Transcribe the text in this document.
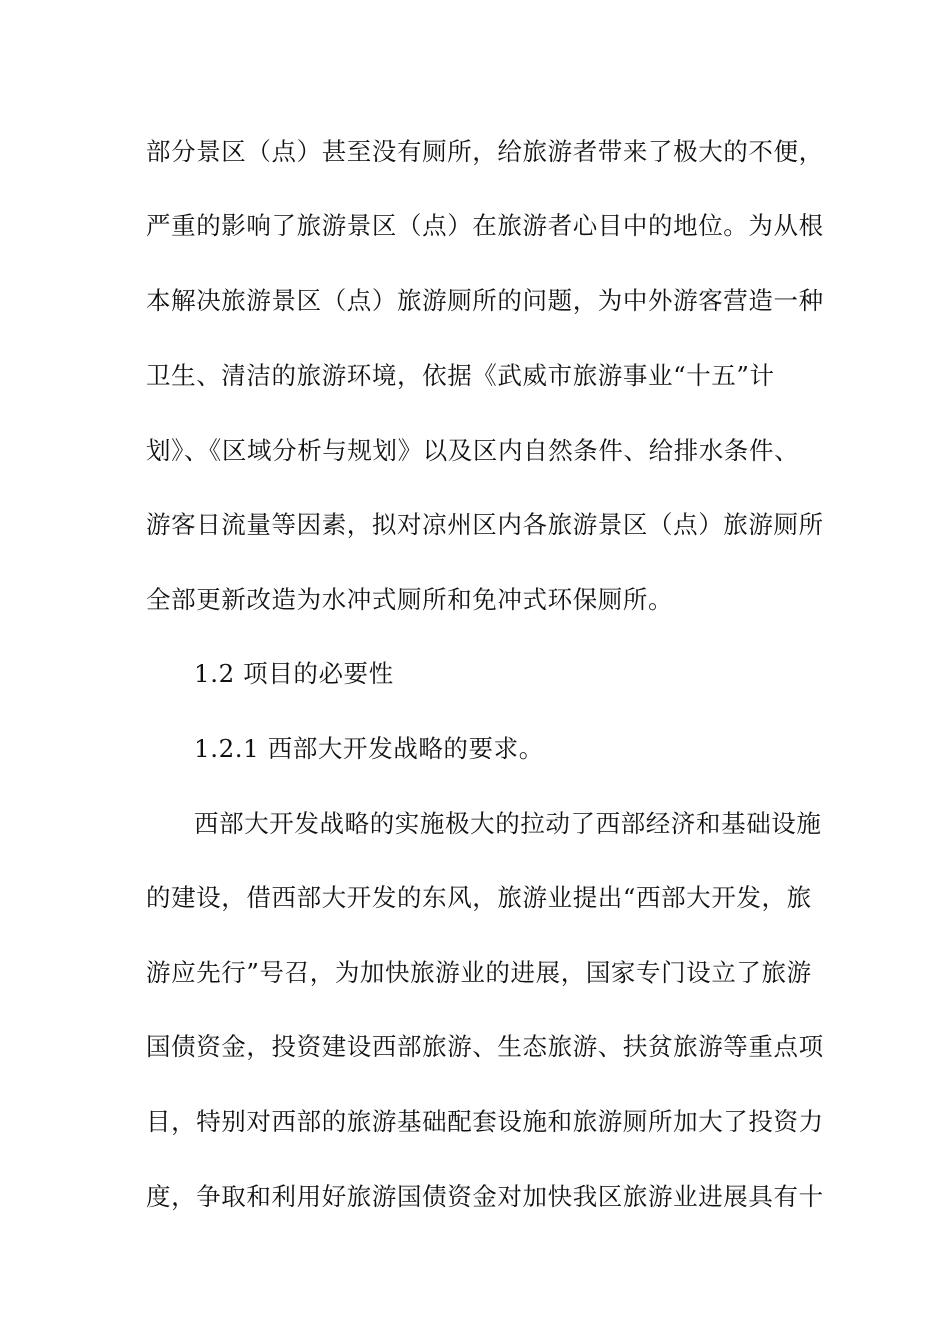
部分景区（点）甚至没有厕所，给旅游者带来了极大的不便，
严重的影响了旅游景区（点）在旅游者心目中的地位。为从根
本解决旅游景区（点）旅游厕所的问题，为中外游客营造一种
卫生、清洁的旅游环境，依据《武威市旅游事业“十五”计
划》、《区域分析与规划》以及区内自然条件、给排水条件、
游客日流量等因素，拟对凉州区内各旅游景区（点）旅游厕所
全部更新改造为水冲式厕所和免冲式环保厕所。
1.2 项目的必要性
1.2.1 西部大开发战略的要求。
西部大开发战略的实施极大的拉动了西部经济和基础设施
的建设，借西部大开发的东风，旅游业提出“西部大开发，旅
游应先行”号召，为加快旅游业的进展，国家专门设立了旅游
国债资金，投资建设西部旅游、生态旅游、扶贫旅游等重点项
目，特别对西部的旅游基础配套设施和旅游厕所加大了投资力
度，争取和利用好旅游国债资金对加快我区旅游业进展具有十
